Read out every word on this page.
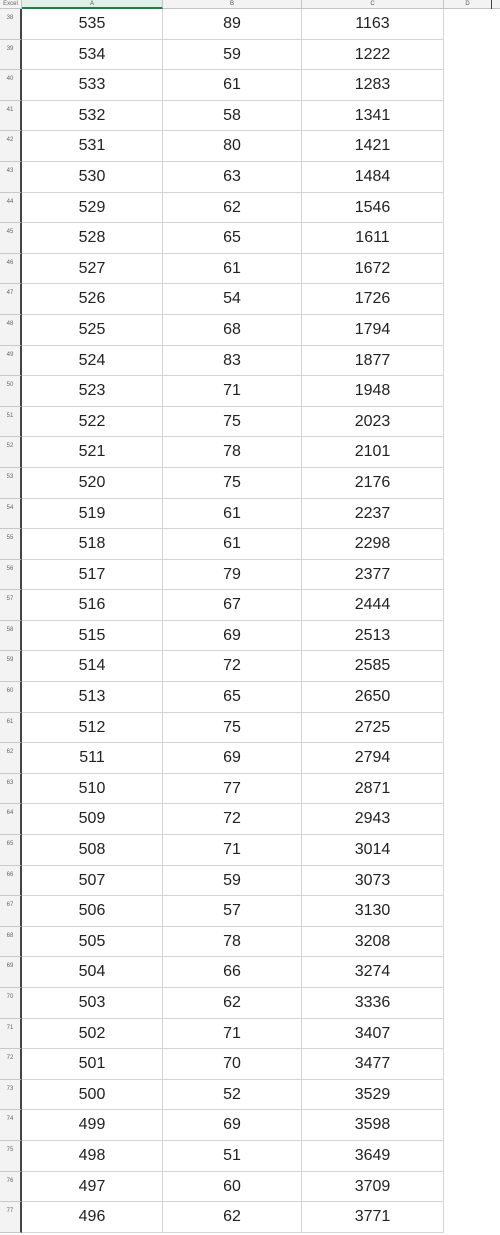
Excel	A	B	C	D
38	535	89	1163
39	534	59	1222
40	533	61	1283
41	532	58	1341
42	531	80	1421
43	530	63	1484
44	529	62	1546
45	528	65	1611
46	527	61	1672
47	526	54	1726
48	525	68	1794
49	524	83	1877
50	523	71	1948
51	522	75	2023
52	521	78	2101
53	520	75	2176
54	519	61	2237
55	518	61	2298
56	517	79	2377
57	516	67	2444
58	515	69	2513
59	514	72	2585
60	513	65	2650
61	512	75	2725
62	511	69	2794
63	510	77	2871
64	509	72	2943
65	508	71	3014
66	507	59	3073
67	506	57	3130
68	505	78	3208
69	504	66	3274
70	503	62	3336
71	502	71	3407
72	501	70	3477
73	500	52	3529
74	499	69	3598
75	498	51	3649
76	497	60	3709
77	496	62	3771
